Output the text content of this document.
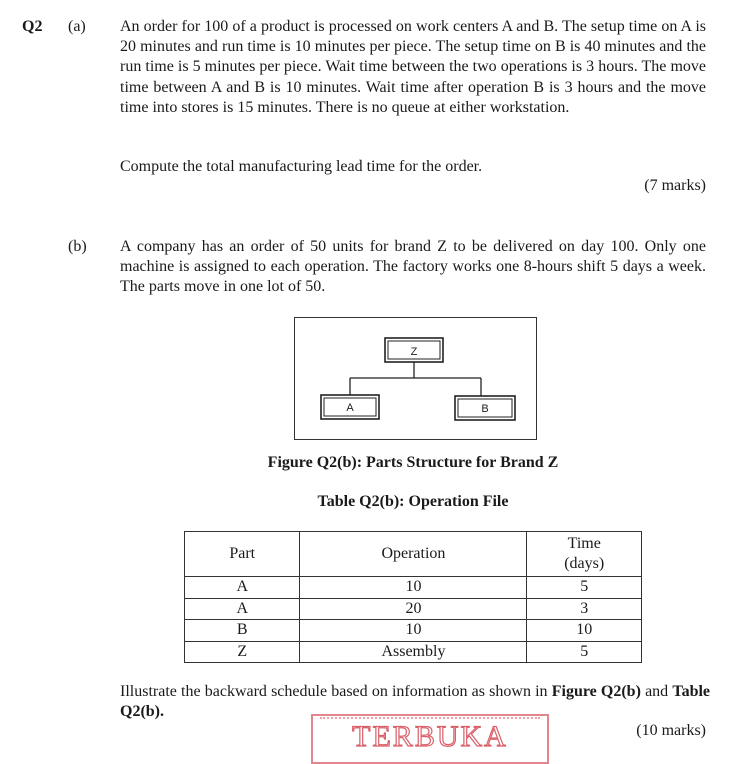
Q2 (a) An order for 100 of a product is processed on work centers A and B. The setup time on A is 20 minutes and run time is 10 minutes per piece. The setup time on B is 40 minutes and the run time is 5 minutes per piece. Wait time between the two operations is 3 hours. The move time between A and B is 10 minutes. Wait time after operation B is 3 hours and the move time into stores is 15 minutes. There is no queue at either workstation.
Compute the total manufacturing lead time for the order.
(7 marks)
(b) A company has an order of 50 units for brand Z to be delivered on day 100. Only one machine is assigned to each operation. The factory works one 8-hours shift 5 days a week. The parts move in one lot of 50.
Z
A	B
Figure Q2(b): Parts Structure for Brand Z
Table Q2(b): Operation File
Part	Operation	Time
(days)
A	10	5
A	20	3
B	10	10
Z	Assembly	5
Illustrate the backward schedule based on information as shown in Figure Q2(b) and Table Q2(b).
TERBUKA	(10 marks)
